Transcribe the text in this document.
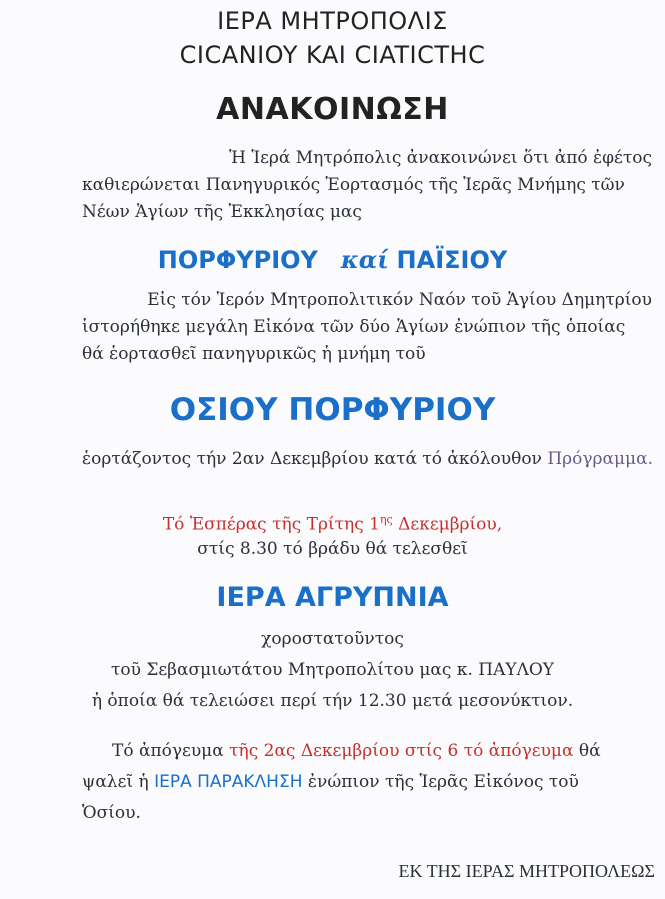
ΙΕΡΑ ΜΗΤΡΟΠΟΛΙΣ
CICANIOY KAI CIATICTHC
ΑΝΑΚΟΙΝΩΣΗ
Ἡ Ἱερά Μητρόπολις ἀνακοινώνει ὅτι ἀπό ἐφέτος
καθιερώνεται Πανηγυρικός Ἑορτασμός τῆς Ἱερᾶς Μνήμης τῶν
Νέων Ἁγίων τῆς Ἐκκλησίας μας
ΠΟΡΦΥΡΙΟΥ καί ΠΑΪΣΙΟΥ
Εἰς τόν Ἱερόν Μητροπολιτικόν Ναόν τοῦ Ἁγίου Δημητρίου
ἱστορήθηκε μεγάλη Εἰκόνα τῶν δύο Ἁγίων ἐνώπιον τῆς ὁποίας
θά ἑορτασθεῖ πανηγυρικῶς ἡ μνήμη τοῦ
ΟΣΙΟΥ ΠΟΡΦΥΡΙΟΥ
ἑορτάζοντος τήν 2αν Δεκεμβρίου κατά τό ἀκόλουθον Πρόγραμμα.
Τό Ἑσπέρας τῆς Τρίτης $1^{\eta\varsigma}$ Δεκεμβρίου,
στίς 8.30 τό βράδυ θά τελεσθεῖ
ΙΕΡΑ ΑΓΡΥΠΝΙΑ
χοροστατοῦντος
τοῦ Σεβασμιωτάτου Μητροπολίτου μας κ. ΠΑΥΛΟΥ
ἡ ὁποία θά τελειώσει περί τήν 12.30 μετά μεσονύκτιον.
Τό ἀπόγευμα τῆς 2ας Δεκεμβρίου στίς 6 τό ἀπόγευμα θά
ψαλεῖ ἡ ΙΕΡΑ ΠΑΡΑΚΛΗΣΗ ἐνώπιον τῆς Ἱερᾶς Εἰκόνος τοῦ
Ὁσίου.
ΕΚ ΤΗΣ ΙΕΡΑΣ ΜΗΤΡΟΠΟΛΕΩΣ
